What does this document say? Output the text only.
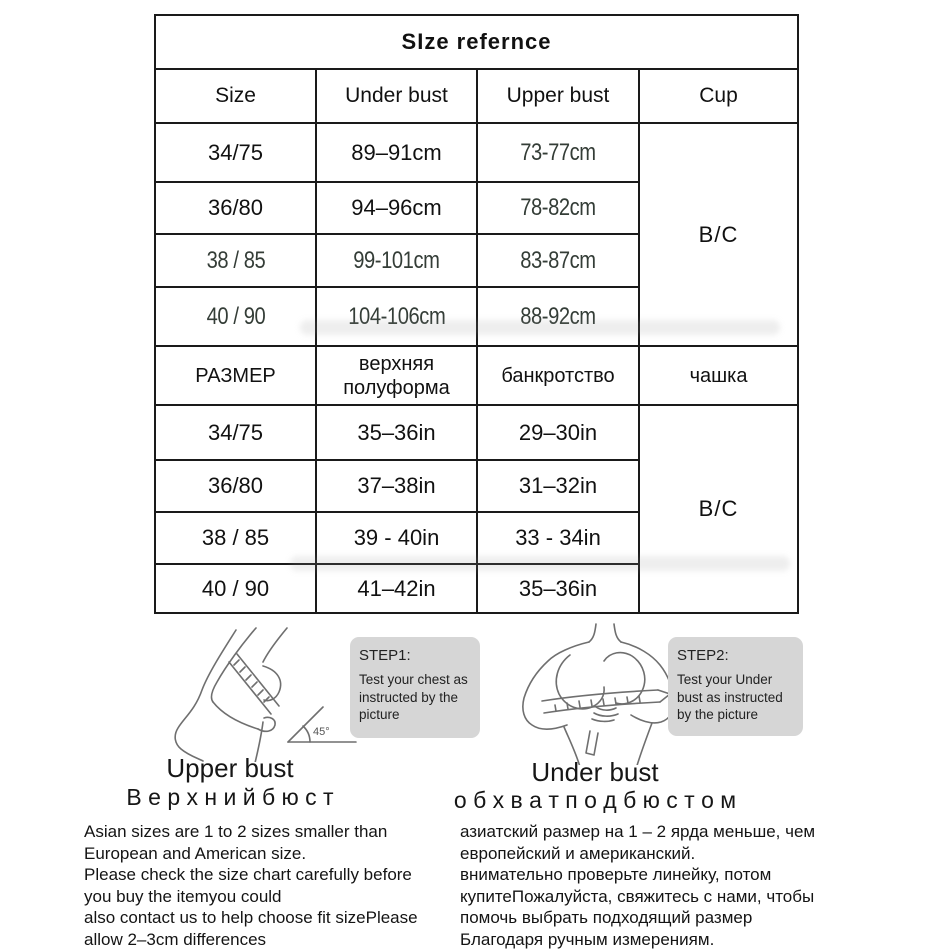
SIze refernce			
Size	Under bust	Upper bust	Cup
34/75	89–91cm	73-77cm	B/C
36/80	94–96cm	78-82cm	
38 / 85	99-101cm	83-87cm	
40 / 90	104-106cm	88-92cm	
РАЗМЕР	верхняя полуформа	банкротство	чашка
34/75	35–36in	29–30in	B/C
36/80	37–38in	31–32in	
38 / 85	39 - 40in	33 - 34in	
40 / 90	41–42in	35–36in	
45°
STEP1:
Test your chest as instructed by the picture
STEP2:
Test your Under bust as instructed by the picture
Upper bust
В е р х н и й б ю с т
Under bust
о б х в а т п о д б ю с т о м
Asian sizes are 1 to 2 sizes smaller than
European and American size.
Please check the size chart carefully before
you buy the itemyou could
also contact us to help choose fit sizePlease
allow 2–3cm differences
азиатский размер на 1 – 2 ярда меньше, чем
европейский и американский.
внимательно проверьте линейку, потом
купитеПожалуйста, свяжитесь с нами, чтобы
помочь выбрать подходящий размер
Благодаря ручным измерениям.
